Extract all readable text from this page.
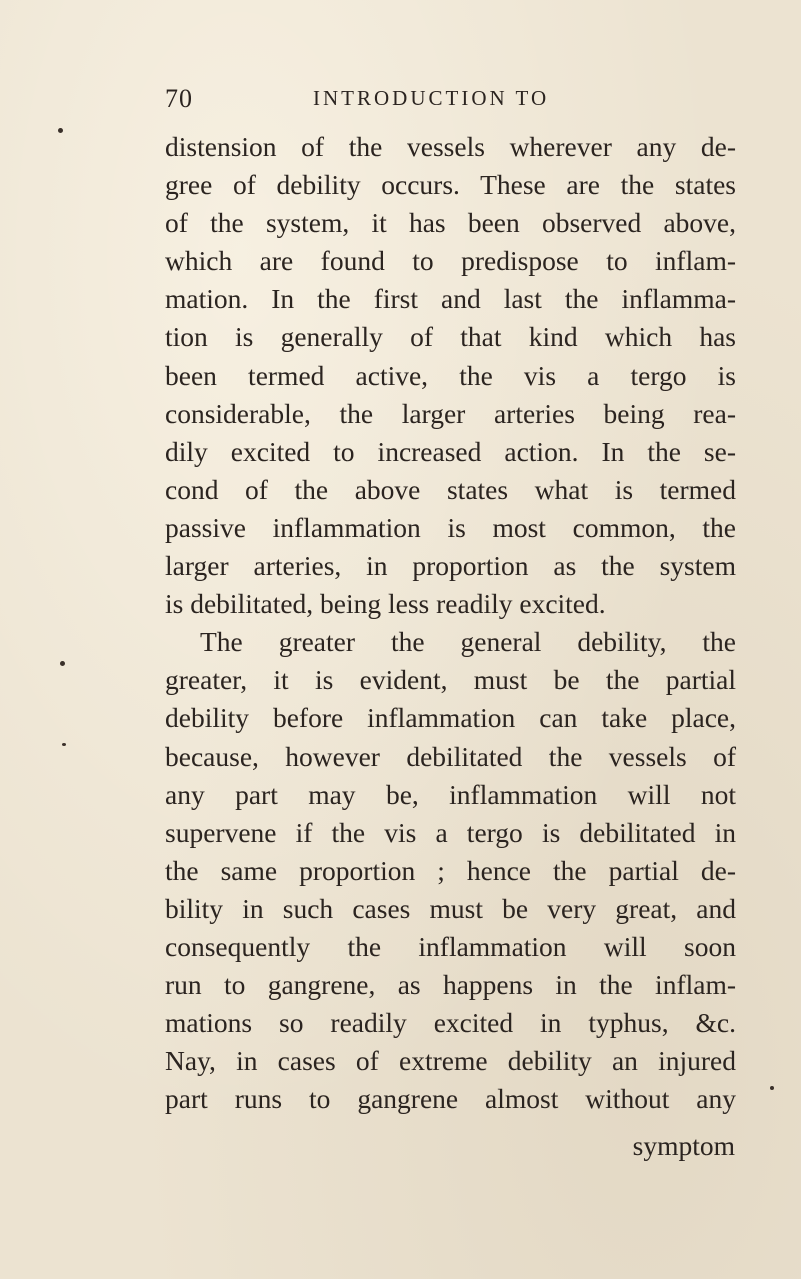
70	INTRODUCTION TO
distension of the vessels wherever any de-
gree of debility occurs. These are the states
of the system, it has been observed above,
which are found to predispose to inflam-
mation. In the first and last the inflamma-
tion is generally of that kind which has
been termed active, the vis a tergo is
considerable, the larger arteries being rea-
dily excited to increased action. In the se-
cond of the above states what is termed
passive inflammation is most common, the
larger arteries, in proportion as the system
is debilitated, being less readily excited.
The greater the general debility, the
greater, it is evident, must be the partial
debility before inflammation can take place,
because, however debilitated the vessels of
any part may be, inflammation will not
supervene if the vis a tergo is debilitated in
the same proportion ; hence the partial de-
bility in such cases must be very great, and
consequently the inflammation will soon
run to gangrene, as happens in the inflam-
mations so readily excited in typhus, &c.
Nay, in cases of extreme debility an injured
part runs to gangrene almost without any
symptom
